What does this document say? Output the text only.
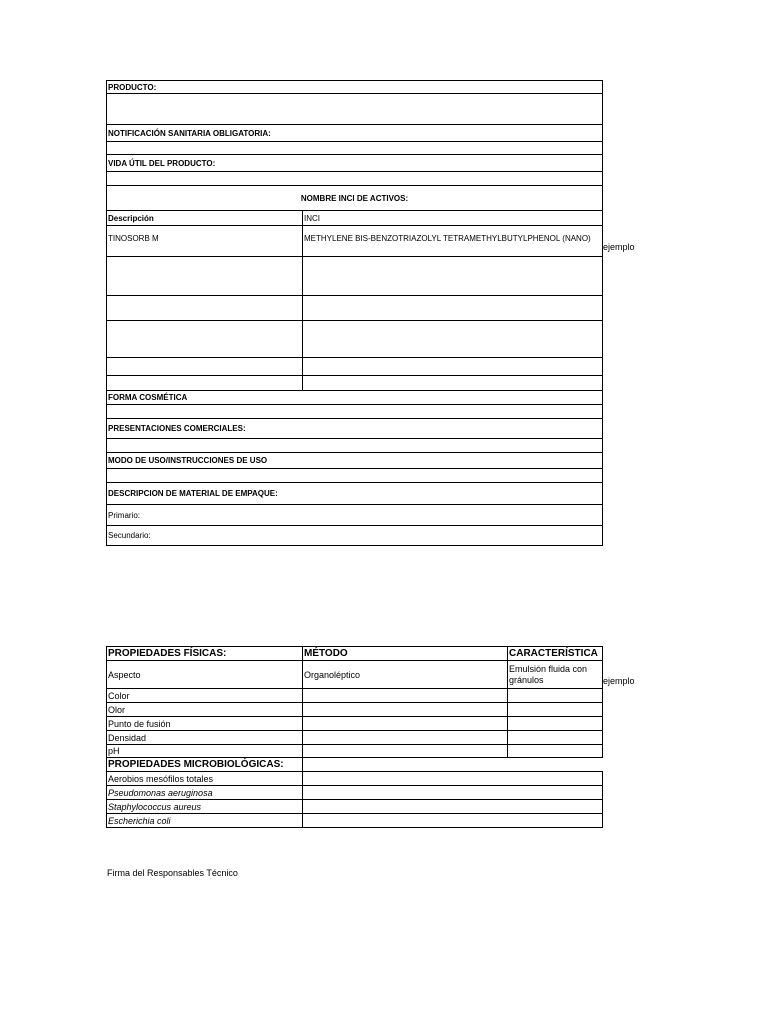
PRODUCTO:	

NOTIFICACIÓN SANITARIA OBLIGATORIA:	

VIDA ÚTIL DEL PRODUCTO:	

NOMBRE INCI DE ACTIVOS:	
Descripción	INCI
TINOSORB M	METHYLENE BIS-BENZOTRIAZOLYL TETRAMETHYLBUTYLPHENOL (NANO)

FORMA COSMÉTICA	

PRESENTACIONES COMERCIALES:	

MODO DE USO/INSTRUCCIONES DE USO	

DESCRIPCION DE MATERIAL DE EMPAQUE:	
Primario:	
Secundario:	
ejemplo
PROPIEDADES FÍSICAS:	MÉTODO	CARACTERÍSTICA
Aspecto	Organoléptico	Emulsión fluida con gránulos
Color		
Olor		
Punto de fusión		
Densidad		
pH		
PROPIEDADES MICROBIOLÓGICAS:		
Aerobios mesófilos totales		
Pseudomonas aeruginosa		
Staphylococcus aureus		
Escherichia coli		
ejemplo
Firma del Responsables Técnico
